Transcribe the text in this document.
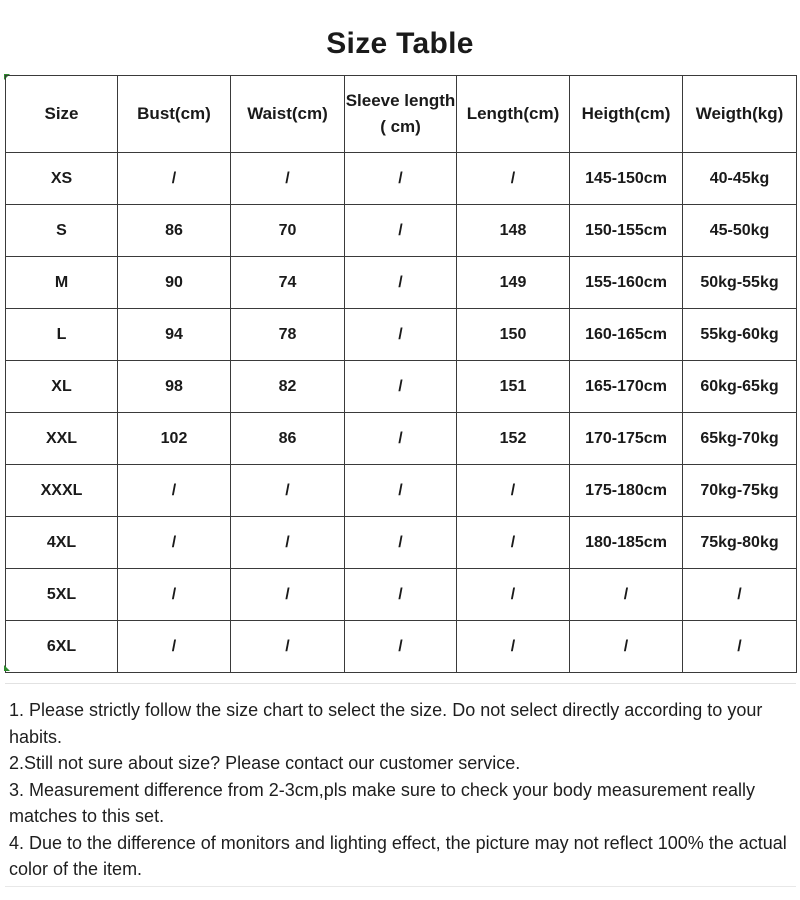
Size Table
Size	Bust(cm)	Waist(cm)	Sleeve length ( cm)	Length(cm)	Heigth(cm)	Weigth(kg)
XS	/	/	/	/	145-150cm	40-45kg
S	86	70	/	148	150-155cm	45-50kg
M	90	74	/	149	155-160cm	50kg-55kg
L	94	78	/	150	160-165cm	55kg-60kg
XL	98	82	/	151	165-170cm	60kg-65kg
XXL	102	86	/	152	170-175cm	65kg-70kg
XXXL	/	/	/	/	175-180cm	70kg-75kg
4XL	/	/	/	/	180-185cm	75kg-80kg
5XL	/	/	/	/	/	/
6XL	/	/	/	/	/	/

1. Please strictly follow the size chart to select the size. Do not select directly according to your habits.

2.Still not sure about size? Please contact our customer service.

3. Measurement difference from 2-3cm,pls make sure to check your body measurement really matches to this set.

4. Due to the difference of monitors and lighting effect, the picture may not reflect 100% the actual color of the item.
